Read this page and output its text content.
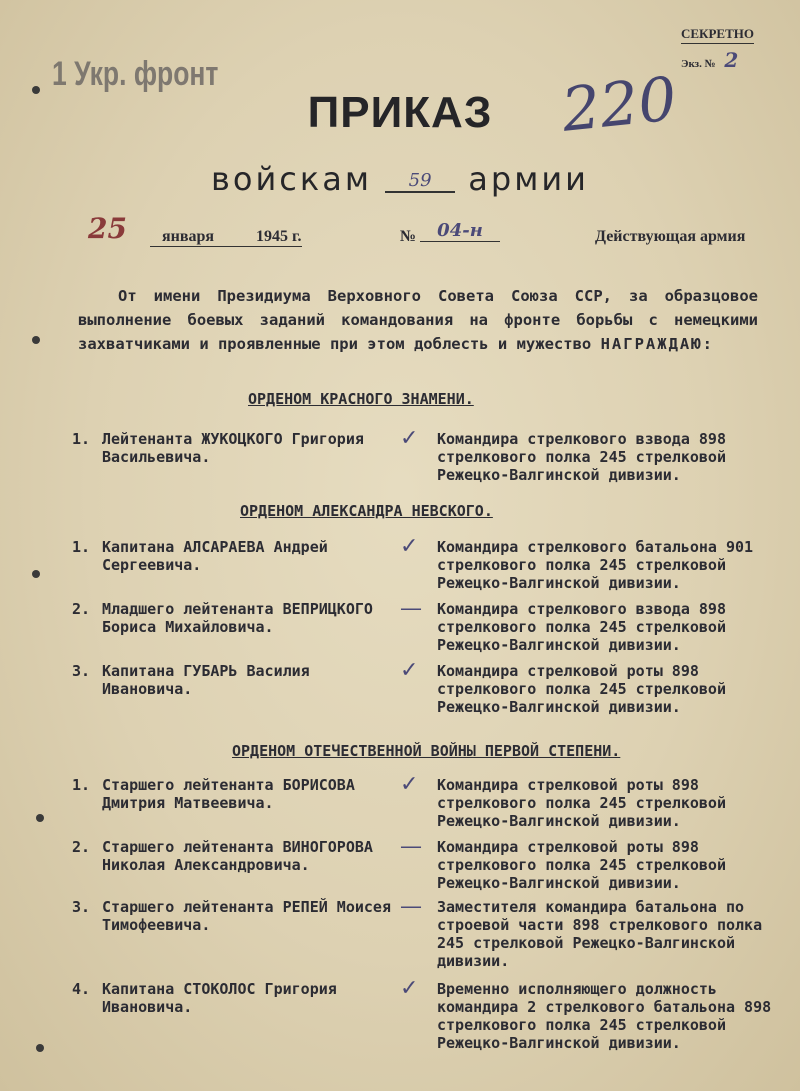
1 Укр. фронт
СЕКРЕТНО
Экз. № 2
ПРИКАЗ	220
войскам 59 армии
25	января	1945 г.	№	04-н	Действующая армия
От имени Президиума Верховного Совета Союза ССР, за образцовое выполнение боевых заданий командования на фронте борьбы с немецкими захватчиками и проявленные при этом доблесть и мужество НАГРАЖДАЮ:
ОРДЕНОМ КРАСНОГО ЗНАМЕНИ.
1. Лейтенанта ЖУКОЦКОГО Григория Васильевича.
✓ Командира стрелкового взвода 898 стрелкового полка 245 стрелковой Режецко-Валгинской дивизии.
ОРДЕНОМ АЛЕКСАНДРА НЕВСКОГО.
1. Капитана АЛСАРАЕВА Андрей Сергеевича.
✓ Командира стрелкового батальона 901 стрелкового полка 245 стрелковой Режецко-Валгинской дивизии.
2. Младшего лейтенанта ВЕПРИЦКОГО Бориса Михайловича.
— Командира стрелкового взвода 898 стрелкового полка 245 стрелковой Режецко-Валгинской дивизии.
3. Капитана ГУБАРЬ Василия Ивановича.
✓ Командира стрелковой роты 898 стрелкового полка 245 стрелковой Режецко-Валгинской дивизии.
ОРДЕНОМ ОТЕЧЕСТВЕННОЙ ВОЙНЫ ПЕРВОЙ СТЕПЕНИ.
1. Старшего лейтенанта БОРИСОВА Дмитрия Матвеевича.
✓ Командира стрелковой роты 898 стрелкового полка 245 стрелковой Режецко-Валгинской дивизии.
2. Старшего лейтенанта ВИНОГОРОВА Николая Александровича.
— Командира стрелковой роты 898 стрелкового полка 245 стрелковой Режецко-Валгинской дивизии.
3. Старшего лейтенанта РЕПЕЙ Моисея Тимофеевича.
— Заместителя командира батальона по строевой части 898 стрелкового полка 245 стрелковой Режецко-Валгинской дивизии.
4. Капитана СТОКОЛОС Григория Ивановича.
✓ Временно исполняющего должность командира 2 стрелкового батальона 898 стрелкового полка 245 стрелковой Режецко-Валгинской дивизии.
